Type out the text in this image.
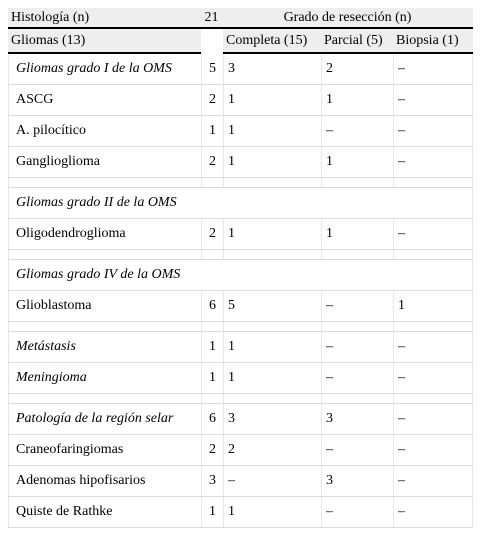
Histología (n)	21	Grado de resección (n)		
Gliomas (13)		Completa (15)	Parcial (5)	Biopsia (1)
Gliomas grado I de la OMS	5	3	2	–
ASCG	2	1	1	–
A. pilocítico	1	1	–	–
Ganglioglioma	2	1	1	–

Gliomas grado II de la OMS				
Oligodendroglioma	2	1	1	–

Gliomas grado IV de la OMS				
Glioblastoma	6	5	–	1

Metástasis	1	1	–	–
Meningioma	1	1	–	–

Patología de la región selar	6	3	3	–
Craneofaringiomas	2	2	–	–
Adenomas hipofisarios	3	–	3	–
Quiste de Rathke	1	1	–	–
